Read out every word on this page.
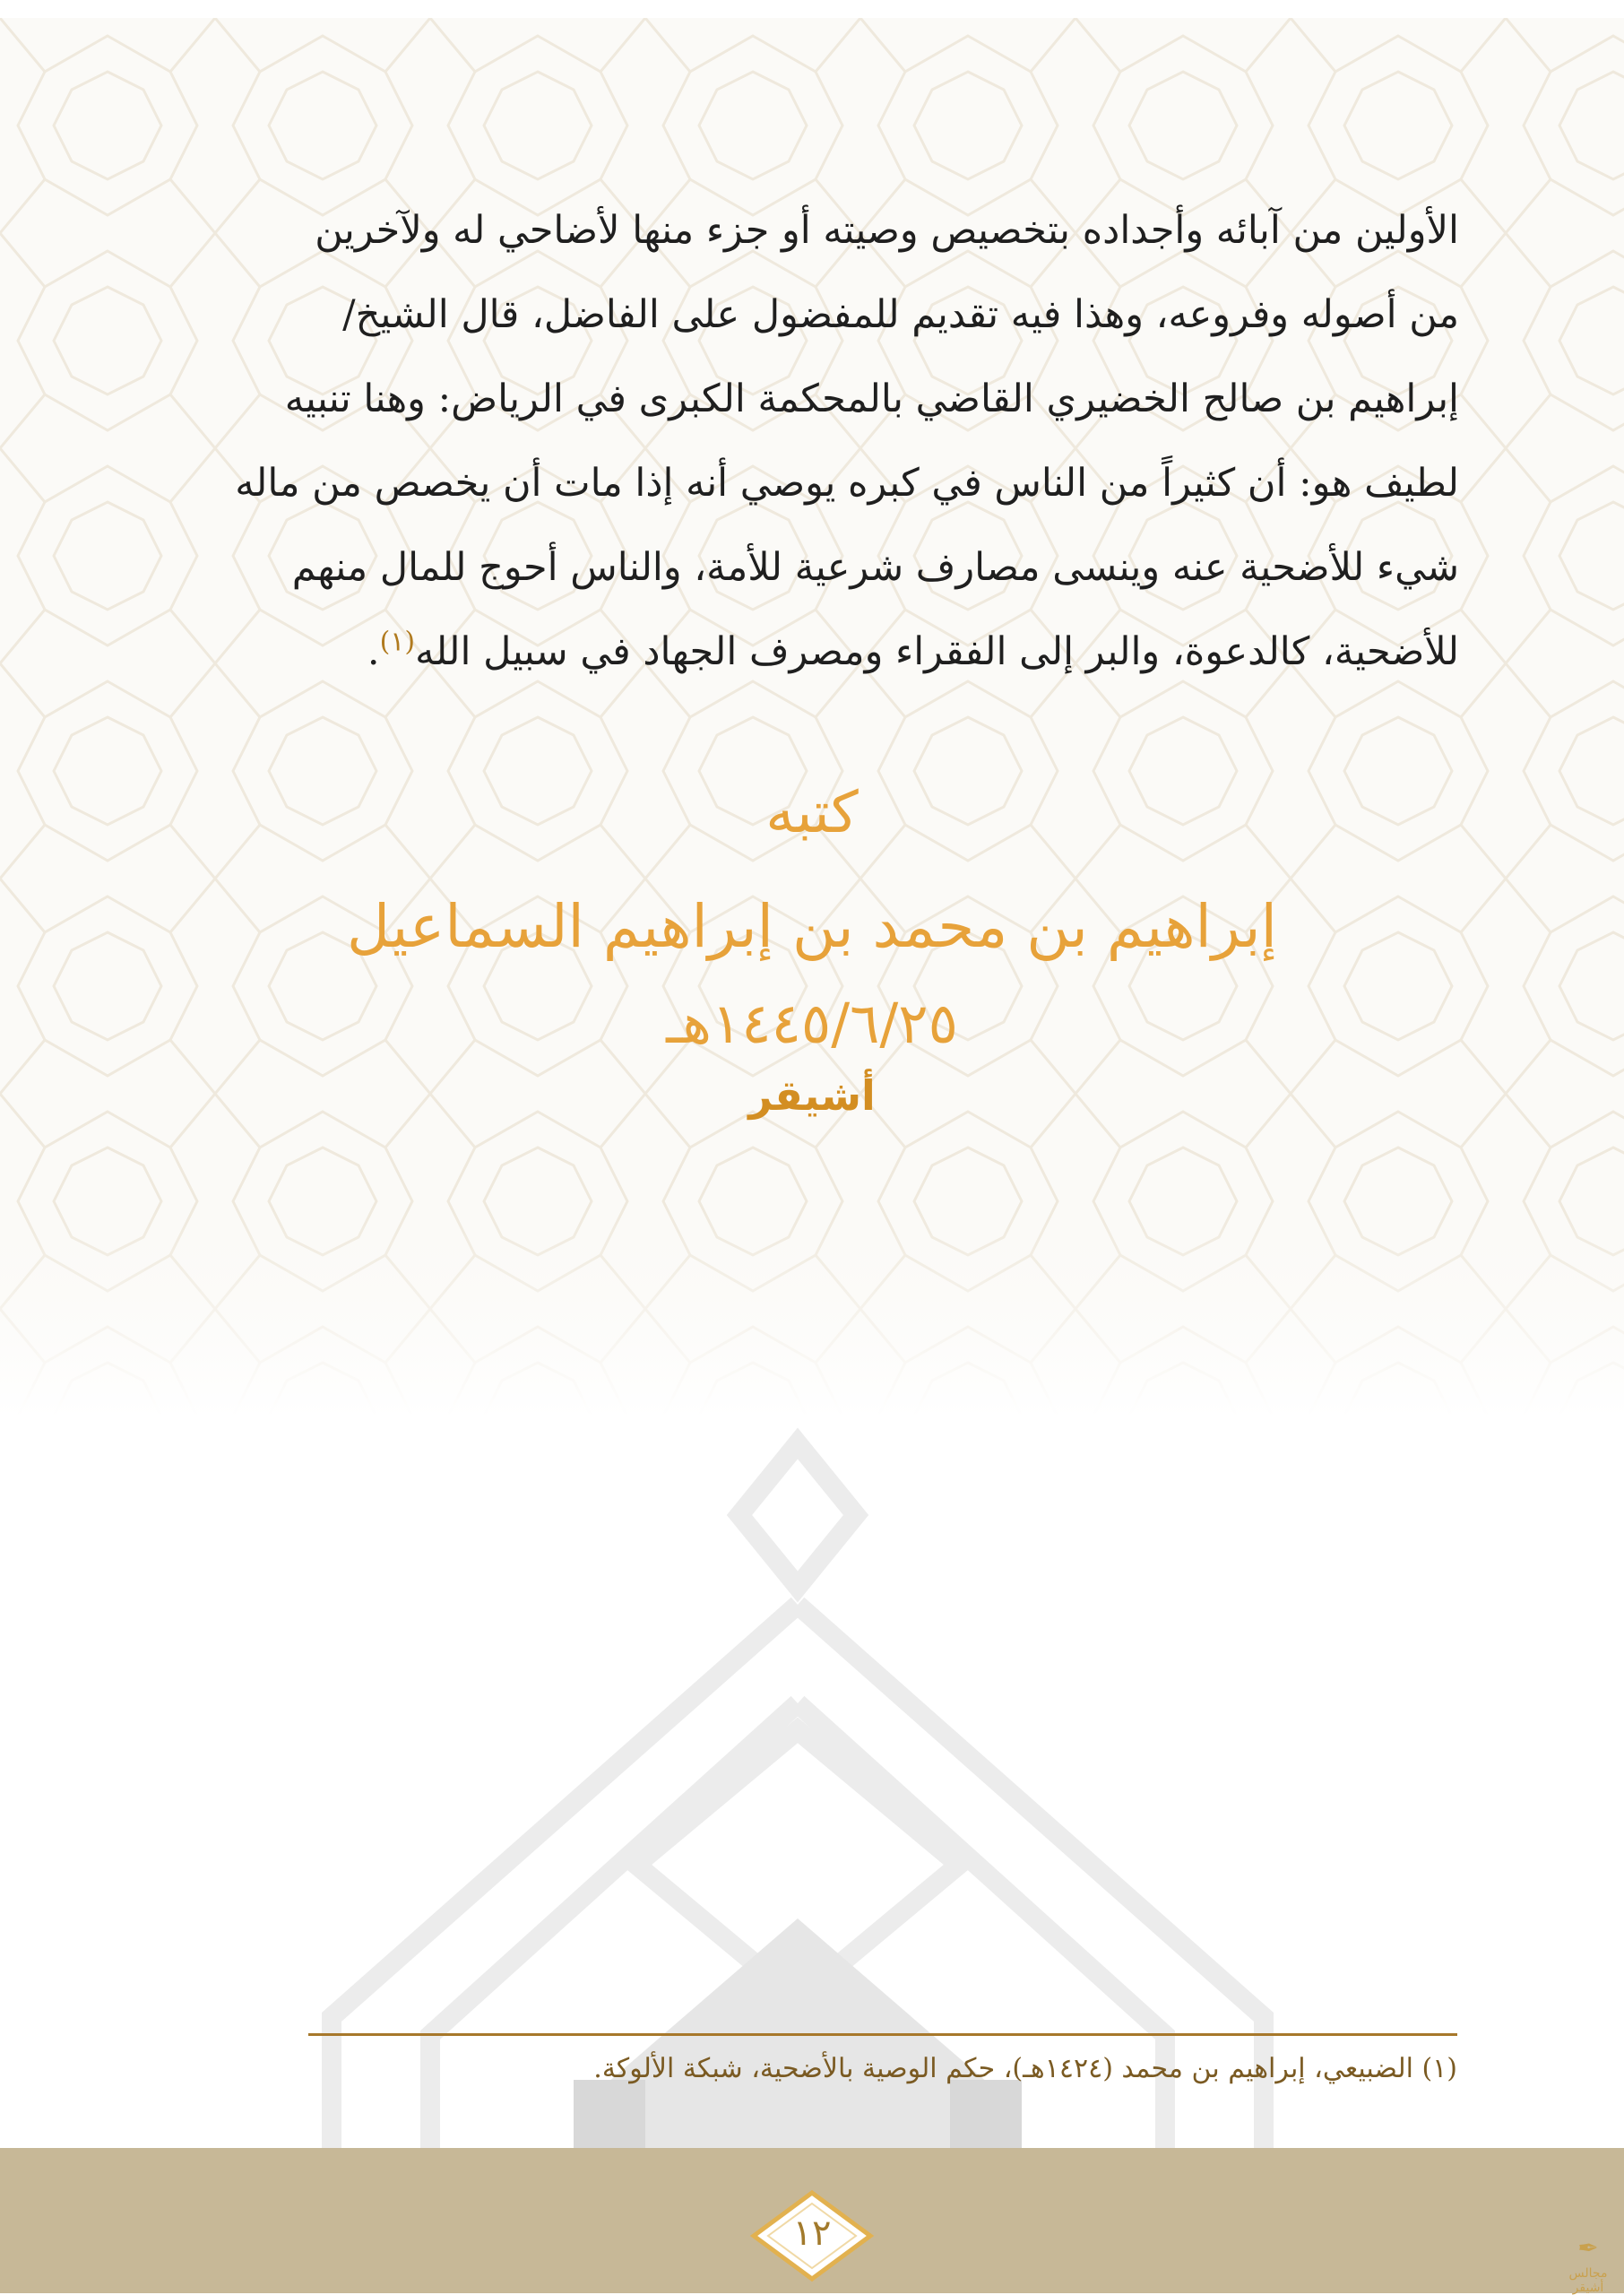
الأولين من آبائه وأجداده بتخصيص وصيته أو جزء منها لأضاحي له ولآخرين

من أصوله وفروعه، وهذا فيه تقديم للمفضول على الفاضل، قال الشيخ/

إبراهيم بن صالح الخضيري القاضي بالمحكمة الكبرى في الرياض: وهنا تنبيه

لطيف هو: أن كثيراً من الناس في كبره يوصي أنه إذا مات أن يخصص من ماله

شيء للأضحية عنه وينسى مصارف شرعية للأمة، والناس أحوج للمال منهم

للأضحية، كالدعوة، والبر إلى الفقراء ومصرف الجهاد في سبيل الله$^{(١)}$.

كتبه
إبراهيم بن محمد بن إبراهيم السماعيل
١٤٤٥/٦/٢٥هـ
أشيقر
(١) الضبيعي، إبراهيم بن محمد (١٤٢٤هـ)، حكم الوصية بالأضحية، شبكة الألوكة.
١٢	✒
مجالس أشيقر
